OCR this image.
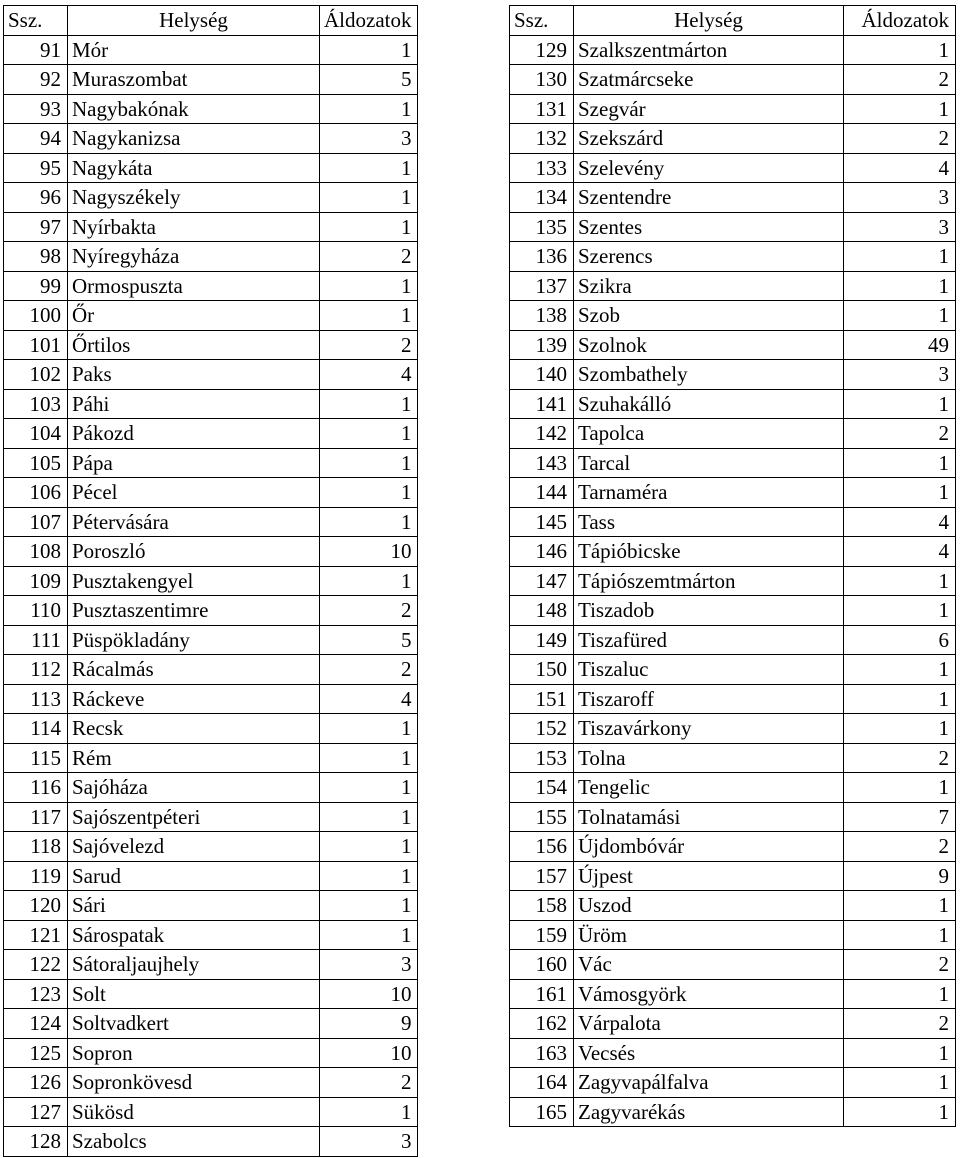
Ssz.	Helység	Áldozatok
91	Mór	1
92	Muraszombat	5
93	Nagybakónak	1
94	Nagykanizsa	3
95	Nagykáta	1
96	Nagyszékely	1
97	Nyírbakta	1
98	Nyíregyháza	2
99	Ormospuszta	1
100	Őr	1
101	Őrtilos	2
102	Paks	4
103	Páhi	1
104	Pákozd	1
105	Pápa	1
106	Pécel	1
107	Pétervására	1
108	Poroszló	10
109	Pusztakengyel	1
110	Pusztaszentimre	2
111	Püspökladány	5
112	Rácalmás	2
113	Ráckeve	4
114	Recsk	1
115	Rém	1
116	Sajóháza	1
117	Sajószentpéteri	1
118	Sajóvelezd	1
119	Sarud	1
120	Sári	1
121	Sárospatak	1
122	Sátoraljaujhely	3
123	Solt	10
124	Soltvadkert	9
125	Sopron	10
126	Sopronkövesd	2
127	Sükösd	1
128	Szabolcs	3
Ssz.	Helység	Áldozatok
129	Szalkszentmárton	1
130	Szatmárcseke	2
131	Szegvár	1
132	Szekszárd	2
133	Szelevény	4
134	Szentendre	3
135	Szentes	3
136	Szerencs	1
137	Szikra	1
138	Szob	1
139	Szolnok	49
140	Szombathely	3
141	Szuhakálló	1
142	Tapolca	2
143	Tarcal	1
144	Tarnaméra	1
145	Tass	4
146	Tápióbicske	4
147	Tápiószemtmárton	1
148	Tiszadob	1
149	Tiszafüred	6
150	Tiszaluc	1
151	Tiszaroff	1
152	Tiszavárkony	1
153	Tolna	2
154	Tengelic	1
155	Tolnatamási	7
156	Újdombóvár	2
157	Újpest	9
158	Uszod	1
159	Üröm	1
160	Vác	2
161	Vámosgyörk	1
162	Várpalota	2
163	Vecsés	1
164	Zagyvapálfalva	1
165	Zagyvarékás	1
